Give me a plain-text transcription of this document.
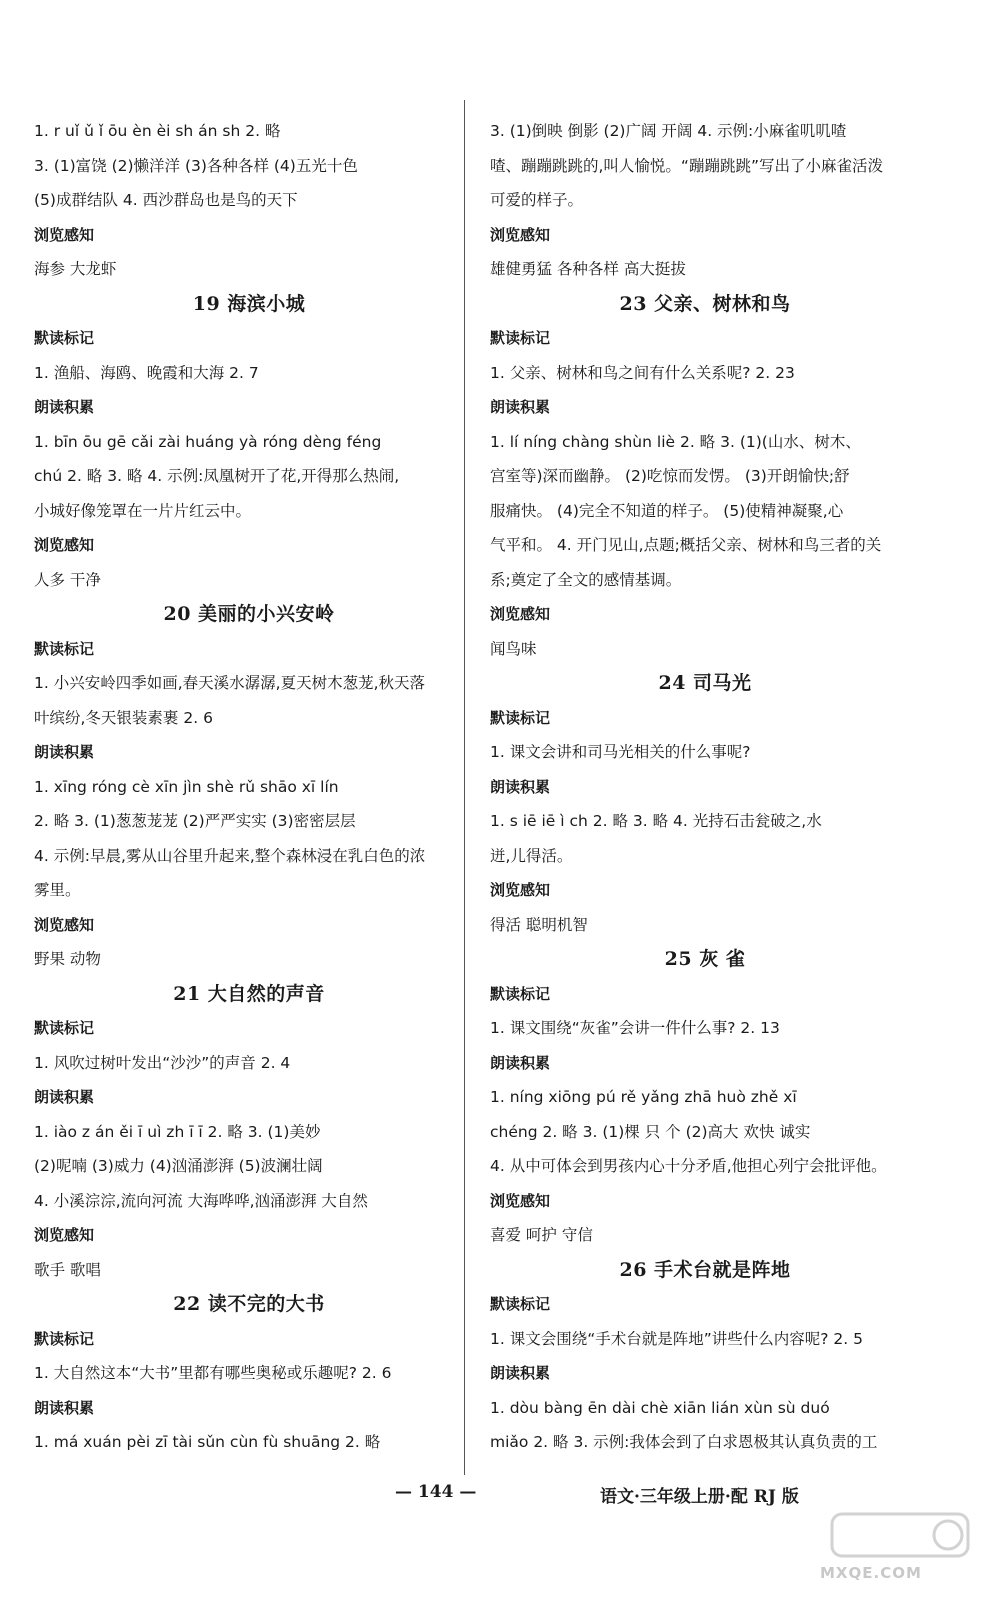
1. r uǐ ǔ ǐ ōu èn èi sh án sh 2. 略
3. (1)富饶 (2)懒洋洋 (3)各种各样 (4)五光十色
(5)成群结队 4. 西沙群岛也是鸟的天下
浏览感知
海参 大龙虾
19 海滨小城
默读标记
1. 渔船、海鸥、晚霞和大海 2. 7
朗读积累
1. bīn ōu gē cǎi zài huáng yà róng dèng féng
chú 2. 略 3. 略 4. 示例:凤凰树开了花,开得那么热闹,
小城好像笼罩在一片片红云中。
浏览感知
人多 干净
20 美丽的小兴安岭
默读标记
1. 小兴安岭四季如画,春天溪水潺潺,夏天树木葱茏,秋天落
叶缤纷,冬天银装素裹 2. 6
朗读积累
1. xīng róng cè xīn jìn shè rǔ shāo xī lín
2. 略 3. (1)葱葱茏茏 (2)严严实实 (3)密密层层
4. 示例:早晨,雾从山谷里升起来,整个森林浸在乳白色的浓
雾里。
浏览感知
野果 动物
21 大自然的声音
默读标记
1. 风吹过树叶发出“沙沙”的声音 2. 4
朗读积累
1. iào z án ěi ī uì zh ī ī 2. 略 3. (1)美妙
(2)呢喃 (3)威力 (4)汹涌澎湃 (5)波澜壮阔
4. 小溪淙淙,流向河流 大海哗哗,汹涌澎湃 大自然
浏览感知
歌手 歌唱
22 读不完的大书
默读标记
1. 大自然这本“大书”里都有哪些奥秘或乐趣呢? 2. 6
朗读积累
1. má xuán pèi zī tài sǔn cùn fù shuāng 2. 略
3. (1)倒映 倒影 (2)广阔 开阔 4. 示例:小麻雀叽叽喳
喳、蹦蹦跳跳的,叫人愉悦。“蹦蹦跳跳”写出了小麻雀活泼
可爱的样子。
浏览感知
雄健勇猛 各种各样 高大挺拔
23 父亲、树林和鸟
默读标记
1. 父亲、树林和鸟之间有什么关系呢? 2. 23
朗读积累
1. lí níng chàng shùn liè 2. 略 3. (1)(山水、树木、
宫室等)深而幽静。 (2)吃惊而发愣。 (3)开朗愉快;舒
服痛快。 (4)完全不知道的样子。 (5)使精神凝聚,心
气平和。 4. 开门见山,点题;概括父亲、树林和鸟三者的关
系;奠定了全文的感情基调。
浏览感知
闻鸟味
24 司马光
默读标记
1. 课文会讲和司马光相关的什么事呢?
朗读积累
1. s iē iē ì ch 2. 略 3. 略 4. 光持石击瓮破之,水
迸,儿得活。
浏览感知
得活 聪明机智
25 灰 雀
默读标记
1. 课文围绕“灰雀”会讲一件什么事? 2. 13
朗读积累
1. níng xiōng pú rě yǎng zhā huò zhě xī
chéng 2. 略 3. (1)棵 只 个 (2)高大 欢快 诚实
4. 从中可体会到男孩内心十分矛盾,他担心列宁会批评他。
浏览感知
喜爱 呵护 守信
26 手术台就是阵地
默读标记
1. 课文会围绕“手术台就是阵地”讲些什么内容呢? 2. 5
朗读积累
1. dòu bàng ēn dài chè xiān lián xùn sù duó
miǎo 2. 略 3. 示例:我体会到了白求恩极其认真负责的工
— 144 —	语文·三年级上册·配 RJ 版
MXQE.COM
